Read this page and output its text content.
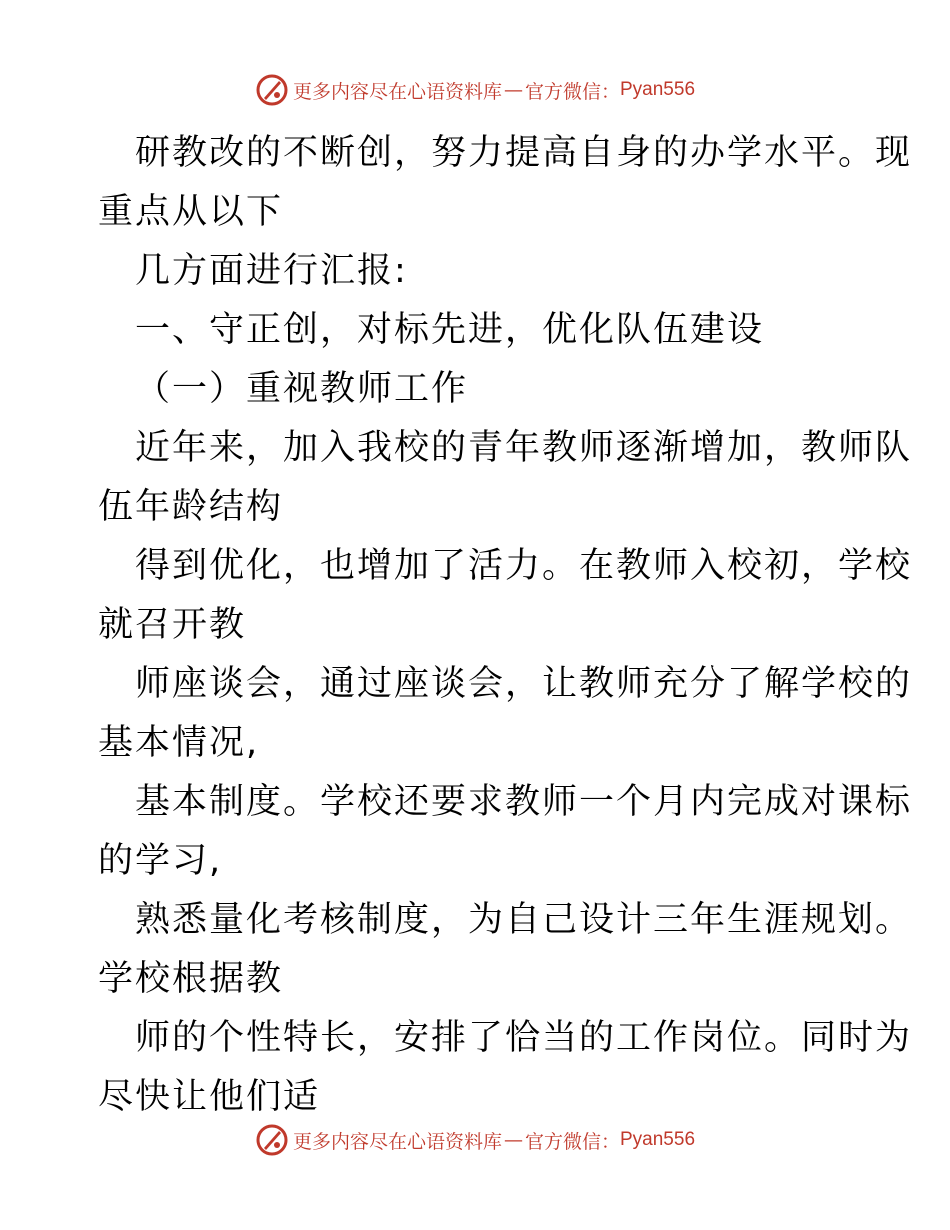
更多内容尽在心语资料库 — 官方微信： Pyan556
研教改的不断创，努力提高自身的办学水平。现
重点从以下
几方面进行汇报:
一、守正创，对标先进，优化队伍建设
（一）重视教师工作
近年来，加入我校的青年教师逐渐增加，教师队
伍年龄结构
得到优化，也增加了活力。在教师入校初，学校
就召开教
师座谈会，通过座谈会，让教师充分了解学校的
基本情况,
基本制度。学校还要求教师一个月内完成对课标
的学习,
熟悉量化考核制度，为自己设计三年生涯规划。
学校根据教
师的个性特长，安排了恰当的工作岗位。同时为
尽快让他们适
更多内容尽在心语资料库 — 官方微信： Pyan556
